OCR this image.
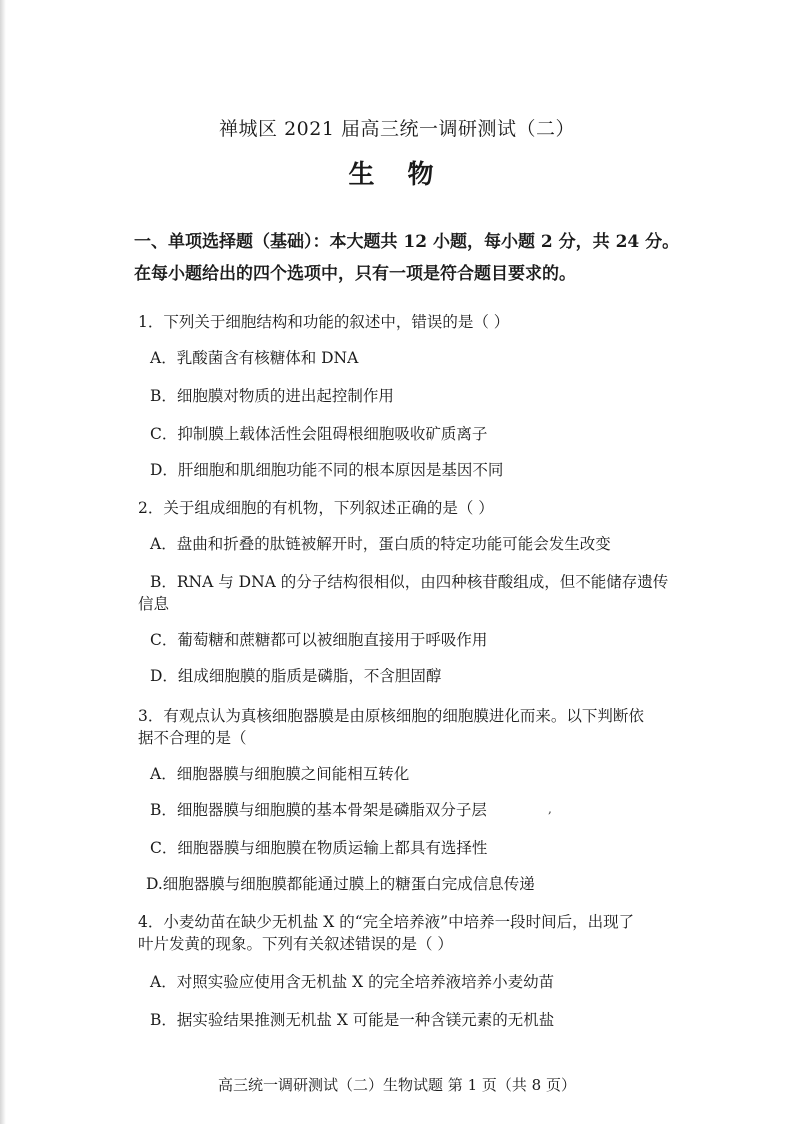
禅城区 2021 届高三统一调研测试（二）
生 物
一、单项选择题（基础）：本大题共 12 小题，每小题 2 分，共 24 分。
在每小题给出的四个选项中，只有一项是符合题目要求的。
1．下列关于细胞结构和功能的叙述中，错误的是（ ）
A．乳酸菌含有核糖体和 DNA
B．细胞膜对物质的进出起控制作用
C．抑制膜上载体活性会阻碍根细胞吸收矿质离子
D．肝细胞和肌细胞功能不同的根本原因是基因不同
2．关于组成细胞的有机物，下列叙述正确的是（ ）
A．盘曲和折叠的肽链被解开时，蛋白质的特定功能可能会发生改变
B．RNA 与 DNA 的分子结构很相似，由四种核苷酸组成，但不能储存遗传
信息
C．葡萄糖和蔗糖都可以被细胞直接用于呼吸作用
D．组成细胞膜的脂质是磷脂，不含胆固醇
3．有观点认为真核细胞器膜是由原核细胞的细胞膜进化而来。以下判断依
据不合理的是（
A．细胞器膜与细胞膜之间能相互转化
B．细胞器膜与细胞膜的基本骨架是磷脂双分子层	,
C．细胞器膜与细胞膜在物质运输上都具有选择性
D.细胞器膜与细胞膜都能通过膜上的糖蛋白完成信息传递
4．小麦幼苗在缺少无机盐 X 的“完全培养液”中培养一段时间后，出现了
叶片发黄的现象。下列有关叙述错误的是（ ）
A．对照实验应使用含无机盐 X 的完全培养液培养小麦幼苗
B．据实验结果推测无机盐 X 可能是一种含镁元素的无机盐
高三统一调研测试（二）生物试题 第 1 页（共 8 页）
